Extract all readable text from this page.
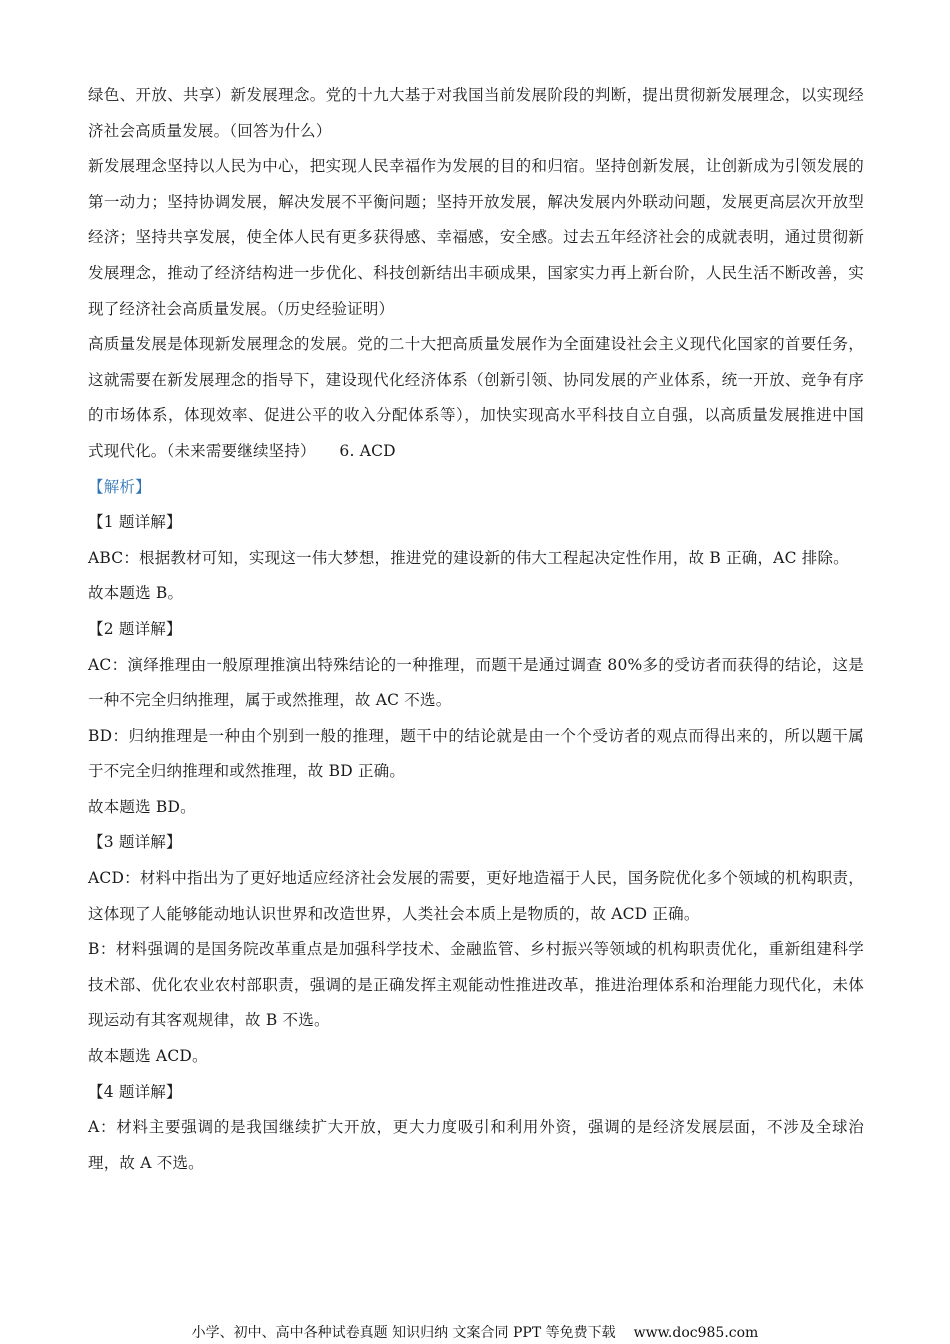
绿色、开放、共享）新发展理念。党的十九大基于对我国当前发展阶段的判断，提出贯彻新发展理念，以实现经济社会高质量发展。（回答为什么）

新发展理念坚持以人民为中心，把实现人民幸福作为发展的目的和归宿。坚持创新发展，让创新成为引领发展的第一动力；坚持协调发展，解决发展不平衡问题；坚持开放发展，解决发展内外联动问题，发展更高层次开放型经济；坚持共享发展，使全体人民有更多获得感、幸福感，安全感。过去五年经济社会的成就表明，通过贯彻新发展理念，推动了经济结构进一步优化、科技创新结出丰硕成果，国家实力再上新台阶，人民生活不断改善，实现了经济社会高质量发展。（历史经验证明）

高质量发展是体现新发展理念的发展。党的二十大把高质量发展作为全面建设社会主义现代化国家的首要任务，这就需要在新发展理念的指导下，建设现代化经济体系（创新引领、协同发展的产业体系，统一开放、竞争有序的市场体系，体现效率、促进公平的收入分配体系等），加快实现高水平科技自立自强，以高质量发展推进中国式现代化。（未来需要继续坚持）　　6. ACD

【解析】

【1 题详解】

ABC：根据教材可知，实现这一伟大梦想，推进党的建设新的伟大工程起决定性作用，故 B 正确，AC 排除。

故本题选 B。

【2 题详解】

AC：演绎推理由一般原理推演出特殊结论的一种推理，而题干是通过调查 80%多的受访者而获得的结论，这是一种不完全归纳推理，属于或然推理，故 AC 不选。

BD：归纳推理是一种由个别到一般的推理，题干中的结论就是由一个个受访者的观点而得出来的，所以题干属于不完全归纳推理和或然推理，故 BD 正确。

故本题选 BD。

【3 题详解】

ACD：材料中指出为了更好地适应经济社会发展的需要，更好地造福于人民，国务院优化多个领域的机构职责，这体现了人能够能动地认识世界和改造世界，人类社会本质上是物质的，故 ACD 正确。

B：材料强调的是国务院改革重点是加强科学技术、金融监管、乡村振兴等领域的机构职责优化，重新组建科学技术部、优化农业农村部职责，强调的是正确发挥主观能动性推进改革，推进治理体系和治理能力现代化，未体现运动有其客观规律，故 B 不选。

故本题选 ACD。

【4 题详解】

A：材料主要强调的是我国继续扩大开放，更大力度吸引和利用外资，强调的是经济发展层面，不涉及全球治理，故 A 不选。

小学、初中、高中各种试卷真题 知识归纳 文案合同 PPT 等免费下载 www.doc985.com
